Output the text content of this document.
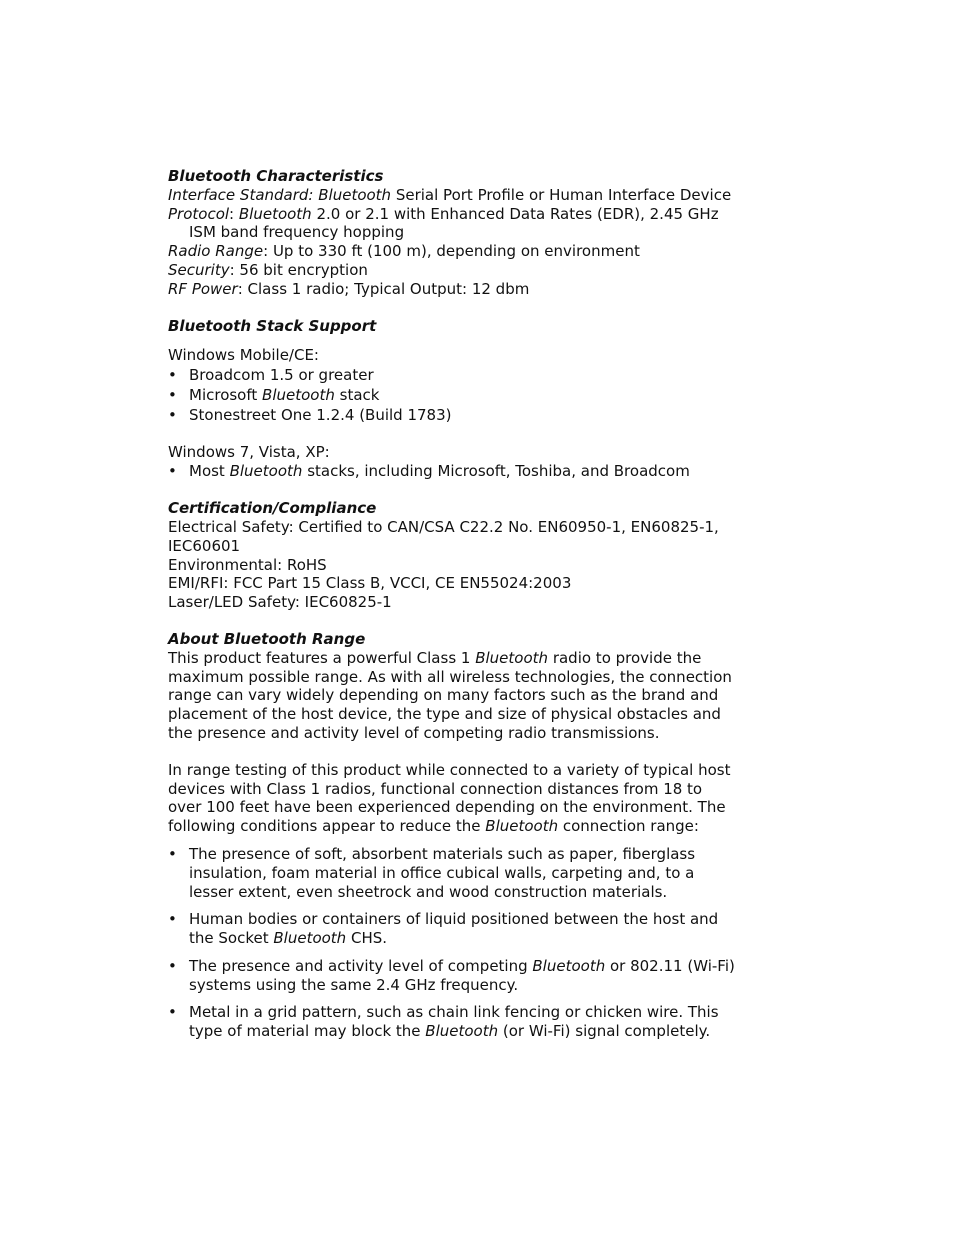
Bluetooth Characteristics

Interface Standard: Bluetooth Serial Port Profile or Human Interface Device

Protocol: Bluetooth 2.0 or 2.1 with Enhanced Data Rates (EDR), 2.45 GHz ISM band frequency hopping

Radio Range: Up to 330 ft (100 m), depending on environment

Security: 56 bit encryption

RF Power: Class 1 radio; Typical Output: 12 dbm

Bluetooth Stack Support

Windows Mobile/CE:

• Broadcom 1.5 or greater
• Microsoft Bluetooth stack
• Stonestreet One 1.2.4 (Build 1783)

Windows 7, Vista, XP:

• Most Bluetooth stacks, including Microsoft, Toshiba, and Broadcom
Certification/Compliance

Electrical Safety: Certified to CAN/CSA C22.2 No. EN60950-1, EN60825-1, IEC60601

Environmental: RoHS

EMI/RFI: FCC Part 15 Class B, VCCI, CE EN55024:2003

Laser/LED Safety: IEC60825-1

About Bluetooth Range

This product features a powerful Class 1 Bluetooth radio to provide the maximum possible range. As with all wireless technologies, the connection range can vary widely depending on many factors such as the brand and placement of the host device, the type and size of physical obstacles and the presence and activity level of competing radio transmissions.

In range testing of this product while connected to a variety of typical host devices with Class 1 radios, functional connection distances from 18 to over 100 feet have been experienced depending on the environment. The following conditions appear to reduce the Bluetooth connection range:

• The presence of soft, absorbent materials such as paper, fiberglass insulation, foam material in office cubical walls, carpeting and, to a lesser extent, even sheetrock and wood construction materials.
• Human bodies or containers of liquid positioned between the host and the Socket Bluetooth CHS.
• The presence and activity level of competing Bluetooth or 802.11 (Wi-Fi) systems using the same 2.4 GHz frequency.
• Metal in a grid pattern, such as chain link fencing or chicken wire. This type of material may block the Bluetooth (or Wi-Fi) signal completely.
